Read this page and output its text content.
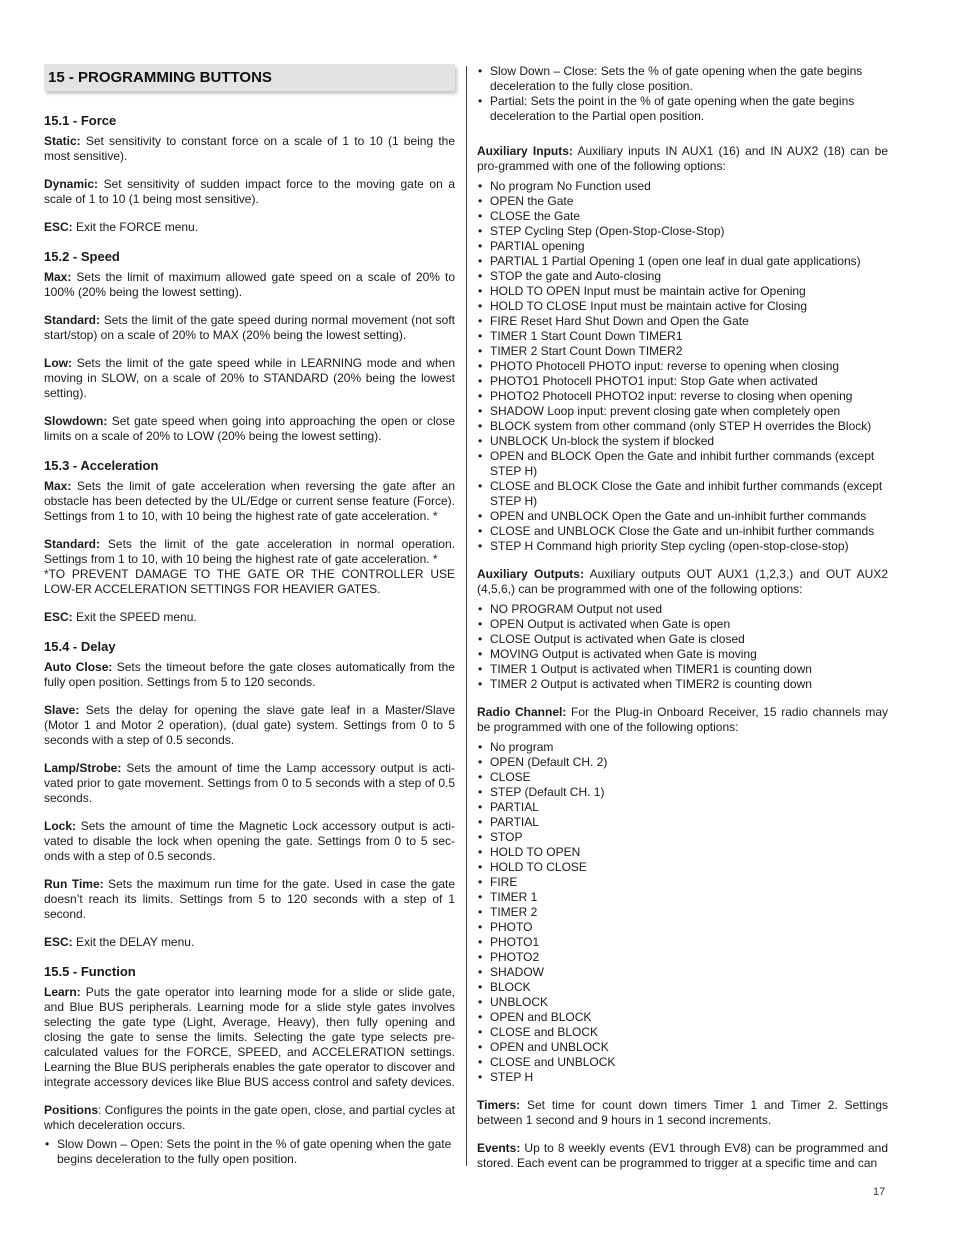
15 - PROGRAMMING BUTTONS
15.1 - Force

Static: Set sensitivity to constant force on a scale of 1 to 10 (1 being the most sensitive).

Dynamic: Set sensitivity of sudden impact force to the moving gate on a scale of 1 to 10 (1 being most sensitive).

ESC: Exit the FORCE menu.

15.2 - Speed

Max: Sets the limit of maximum allowed gate speed on a scale of 20% to 100% (20% being the lowest setting).

Standard: Sets the limit of the gate speed during normal movement (not soft start/stop) on a scale of 20% to MAX (20% being the lowest setting).

Low: Sets the limit of the gate speed while in LEARNING mode and when moving in SLOW, on a scale of 20% to STANDARD (20% being the lowest setting).

Slowdown: Set gate speed when going into approaching the open or close limits on a scale of 20% to LOW (20% being the lowest setting).

15.3 - Acceleration

Max: Sets the limit of gate acceleration when reversing the gate after an obstacle has been detected by the UL/Edge or current sense feature (Force). Settings from 1 to 10, with 10 being the highest rate of gate acceleration. *

Standard: Sets the limit of the gate acceleration in normal operation. Settings from 1 to 10, with 10 being the highest rate of gate acceleration. *

*TO PREVENT DAMAGE TO THE GATE OR THE CONTROLLER USE LOW-ER ACCELERATION SETTINGS FOR HEAVIER GATES.

ESC: Exit the SPEED menu.

15.4 - Delay

Auto Close: Sets the timeout before the gate closes automatically from the fully open position. Settings from 5 to 120 seconds.

Slave: Sets the delay for opening the slave gate leaf in a Master/Slave (Motor 1 and Motor 2 operation), (dual gate) system. Settings from 0 to 5 seconds with a step of 0.5 seconds.

Lamp/Strobe: Sets the amount of time the Lamp accessory output is acti-vated prior to gate movement. Settings from 0 to 5 seconds with a step of 0.5 seconds.

Lock: Sets the amount of time the Magnetic Lock accessory output is acti-vated to disable the lock when opening the gate. Settings from 0 to 5 sec-onds with a step of 0.5 seconds.

Run Time: Sets the maximum run time for the gate. Used in case the gate doesn’t reach its limits. Settings from 5 to 120 seconds with a step of 1 second.

ESC: Exit the DELAY menu.

15.5 - Function

Learn: Puts the gate operator into learning mode for a slide or slide gate, and Blue BUS peripherals. Learning mode for a slide style gates involves selecting the gate type (Light, Average, Heavy), then fully opening and closing the gate to sense the limits. Selecting the gate type selects pre-calculated values for the FORCE, SPEED, and ACCELERATION settings. Learning the Blue BUS peripherals enables the gate operator to discover and integrate accessory devices like Blue BUS access control and safety devices.

Positions: Configures the points in the gate open, close, and partial cycles at which deceleration occurs.

• Slow Down – Open: Sets the point in the % of gate opening when the gate begins deceleration to the fully open position.
• Slow Down – Close: Sets the % of gate opening when the gate begins deceleration to the fully close position.
• Partial: Sets the point in the % of gate opening when the gate begins deceleration to the Partial open position.

Auxiliary Inputs: Auxiliary inputs IN AUX1 (16) and IN AUX2 (18) can be pro-grammed with one of the following options:

• No program No Function used
• OPEN the Gate
• CLOSE the Gate
• STEP Cycling Step (Open-Stop-Close-Stop)
• PARTIAL opening
• PARTIAL 1 Partial Opening 1 (open one leaf in dual gate applications)
• STOP the gate and Auto-closing
• HOLD TO OPEN Input must be maintain active for Opening
• HOLD TO CLOSE Input must be maintain active for Closing
• FIRE Reset Hard Shut Down and Open the Gate
• TIMER 1 Start Count Down TIMER1
• TIMER 2 Start Count Down TIMER2
• PHOTO Photocell PHOTO input: reverse to opening when closing
• PHOTO1 Photocell PHOTO1 input: Stop Gate when activated
• PHOTO2 Photocell PHOTO2 input: reverse to closing when opening
• SHADOW Loop input: prevent closing gate when completely open
• BLOCK system from other command (only STEP H overrides the Block)
• UNBLOCK Un-block the system if blocked
• OPEN and BLOCK Open the Gate and inhibit further commands (except STEP H)
• CLOSE and BLOCK Close the Gate and inhibit further commands (except STEP H)
• OPEN and UNBLOCK Open the Gate and un-inhibit further commands
• CLOSE and UNBLOCK Close the Gate and un-inhibit further commands
• STEP H Command high priority Step cycling (open-stop-close-stop)

Auxiliary Outputs: Auxiliary outputs OUT AUX1 (1,2,3,) and OUT AUX2 (4,5,6,) can be programmed with one of the following options:

• NO PROGRAM Output not used
• OPEN Output is activated when Gate is open
• CLOSE Output is activated when Gate is closed
• MOVING Output is activated when Gate is moving
• TIMER 1 Output is activated when TIMER1 is counting down
• TIMER 2 Output is activated when TIMER2 is counting down

Radio Channel: For the Plug-in Onboard Receiver, 15 radio channels may be programmed with one of the following options:

• No program
• OPEN (Default CH. 2)
• CLOSE
• STEP (Default CH. 1)
• PARTIAL
• PARTIAL
• STOP
• HOLD TO OPEN
• HOLD TO CLOSE
• FIRE
• TIMER 1
• TIMER 2
• PHOTO
• PHOTO1
• PHOTO2
• SHADOW
• BLOCK
• UNBLOCK
• OPEN and BLOCK
• CLOSE and BLOCK
• OPEN and UNBLOCK
• CLOSE and UNBLOCK
• STEP H

Timers: Set time for count down timers Timer 1 and Timer 2. Settings between 1 second and 9 hours in 1 second increments.

Events: Up to 8 weekly events (EV1 through EV8) can be programmed and stored. Each event can be programmed to trigger at a specific time and can

17
